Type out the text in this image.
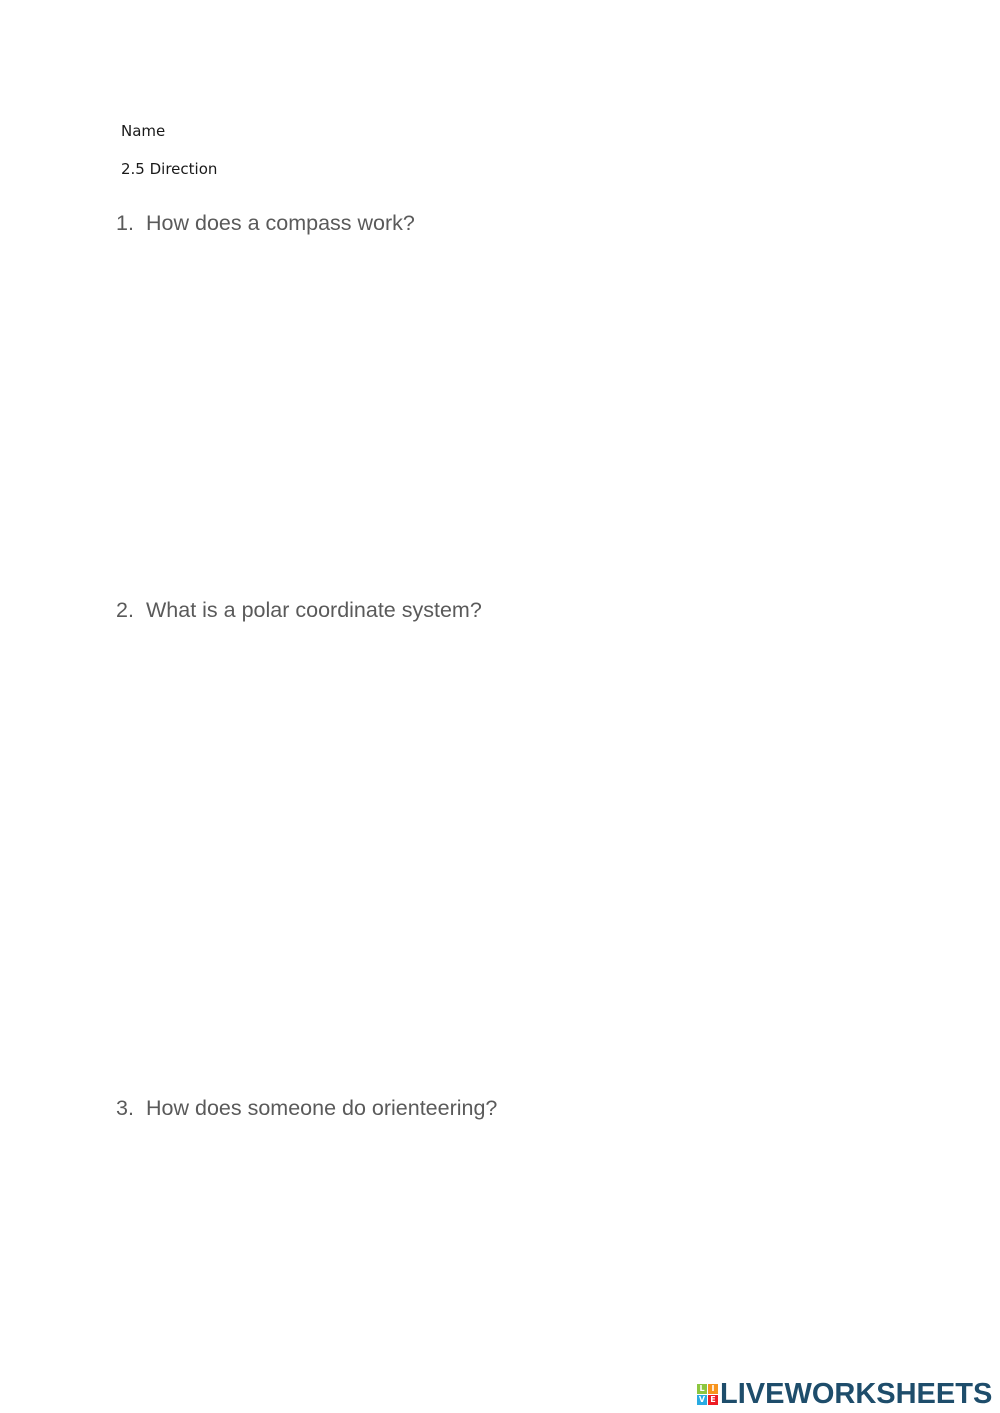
Name
2.5 Direction
1. How does a compass work?
2. What is a polar coordinate system?
3. How does someone do orienteering?
L I
V E LIVEWORKSHEETS
